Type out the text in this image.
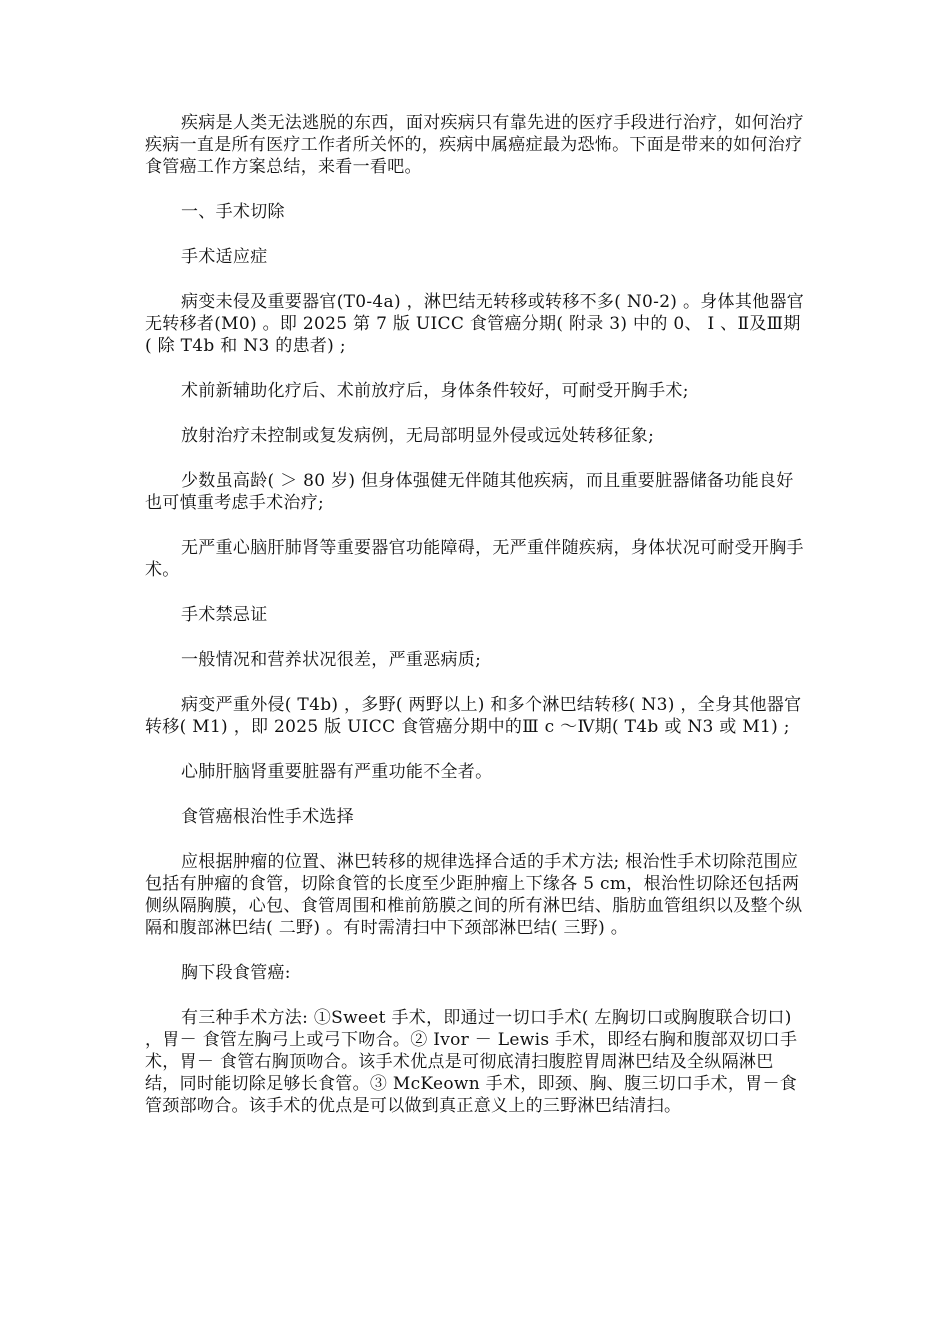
疾病是人类无法逃脱的东西，面对疾病只有靠先进的医疗手段进行治疗，如何治疗疾病一直是所有医疗工作者所关怀的，疾病中属癌症最为恐怖。下面是带来的如何治疗食管癌工作方案总结，来看一看吧。

一、手术切除

手术适应症

病变未侵及重要器官(T0-4a) ，淋巴结无转移或转移不多( N0-2) 。身体其他器官无转移者(M0) 。即 2025 第 7 版 UICC 食管癌分期( 附录 3) 中的 0、 Ⅰ 、Ⅱ及Ⅲ期( 除 T4b 和 N3 的患者) ;

术前新辅助化疗后、术前放疗后，身体条件较好，可耐受开胸手术;

放射治疗未控制或复发病例，无局部明显外侵或远处转移征象;

少数虽高龄( ＞ 80 岁) 但身体强健无伴随其他疾病，而且重要脏器储备功能良好也可慎重考虑手术治疗;

无严重心脑肝肺肾等重要器官功能障碍，无严重伴随疾病，身体状况可耐受开胸手术。

手术禁忌证

一般情况和营养状况很差，严重恶病质;

病变严重外侵( T4b) ，多野( 两野以上) 和多个淋巴结转移( N3) ，全身其他器官转移( M1) ，即 2025 版 UICC 食管癌分期中的Ⅲ c ～Ⅳ期( T4b 或 N3 或 M1) ;

心肺肝脑肾重要脏器有严重功能不全者。

食管癌根治性手术选择

应根据肿瘤的位置、淋巴转移的规律选择合适的手术方法; 根治性手术切除范围应包括有肿瘤的食管，切除食管的长度至少距肿瘤上下缘各 5 cm，根治性切除还包括两侧纵隔胸膜，心包、食管周围和椎前筋膜之间的所有淋巴结、脂肪血管组织以及整个纵隔和腹部淋巴结( 二野) 。有时需清扫中下颈部淋巴结( 三野) 。

胸下段食管癌:

有三种手术方法: ①Sweet 手术，即通过一切口手术( 左胸切口或胸腹联合切口) ，胃－ 食管左胸弓上或弓下吻合。② Ivor － Lewis 手术，即经右胸和腹部双切口手术，胃－ 食管右胸顶吻合。该手术优点是可彻底清扫腹腔胃周淋巴结及全纵隔淋巴结，同时能切除足够长食管。③ McKeown 手术，即颈、胸、腹三切口手术，胃－食管颈部吻合。该手术的优点是可以做到真正意义上的三野淋巴结清扫。
